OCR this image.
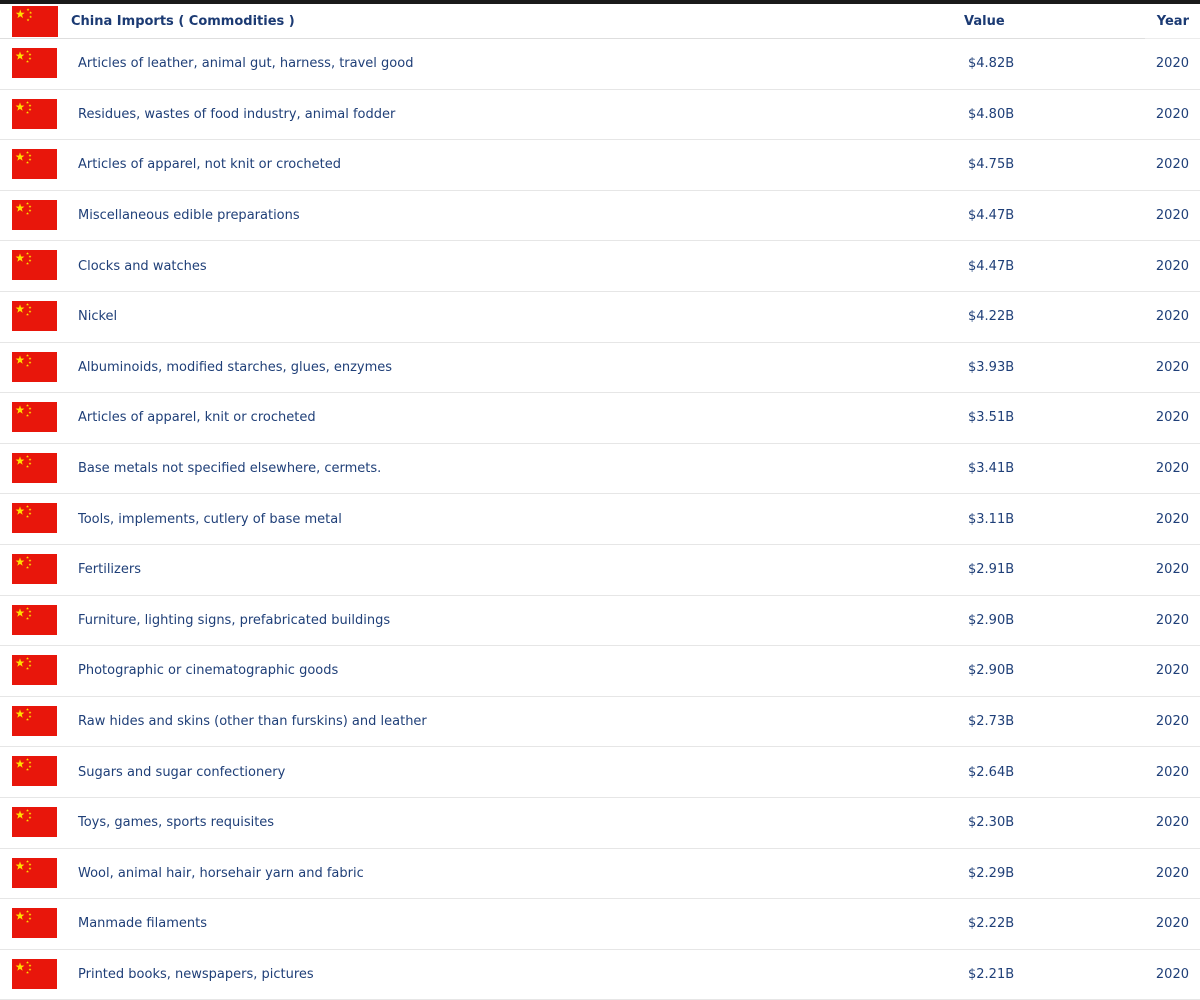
China Imports ( Commodities )	Value	Year
Articles of leather, animal gut, harness, travel good	$4.82B	2020
Residues, wastes of food industry, animal fodder	$4.80B	2020
Articles of apparel, not knit or crocheted	$4.75B	2020
Miscellaneous edible preparations	$4.47B	2020
Clocks and watches	$4.47B	2020
Nickel	$4.22B	2020
Albuminoids, modified starches, glues, enzymes	$3.93B	2020
Articles of apparel, knit or crocheted	$3.51B	2020
Base metals not specified elsewhere, cermets.	$3.41B	2020
Tools, implements, cutlery of base metal	$3.11B	2020
Fertilizers	$2.91B	2020
Furniture, lighting signs, prefabricated buildings	$2.90B	2020
Photographic or cinematographic goods	$2.90B	2020
Raw hides and skins (other than furskins) and leather	$2.73B	2020
Sugars and sugar confectionery	$2.64B	2020
Toys, games, sports requisites	$2.30B	2020
Wool, animal hair, horsehair yarn and fabric	$2.29B	2020
Manmade filaments	$2.22B	2020
Printed books, newspapers, pictures	$2.21B	2020
